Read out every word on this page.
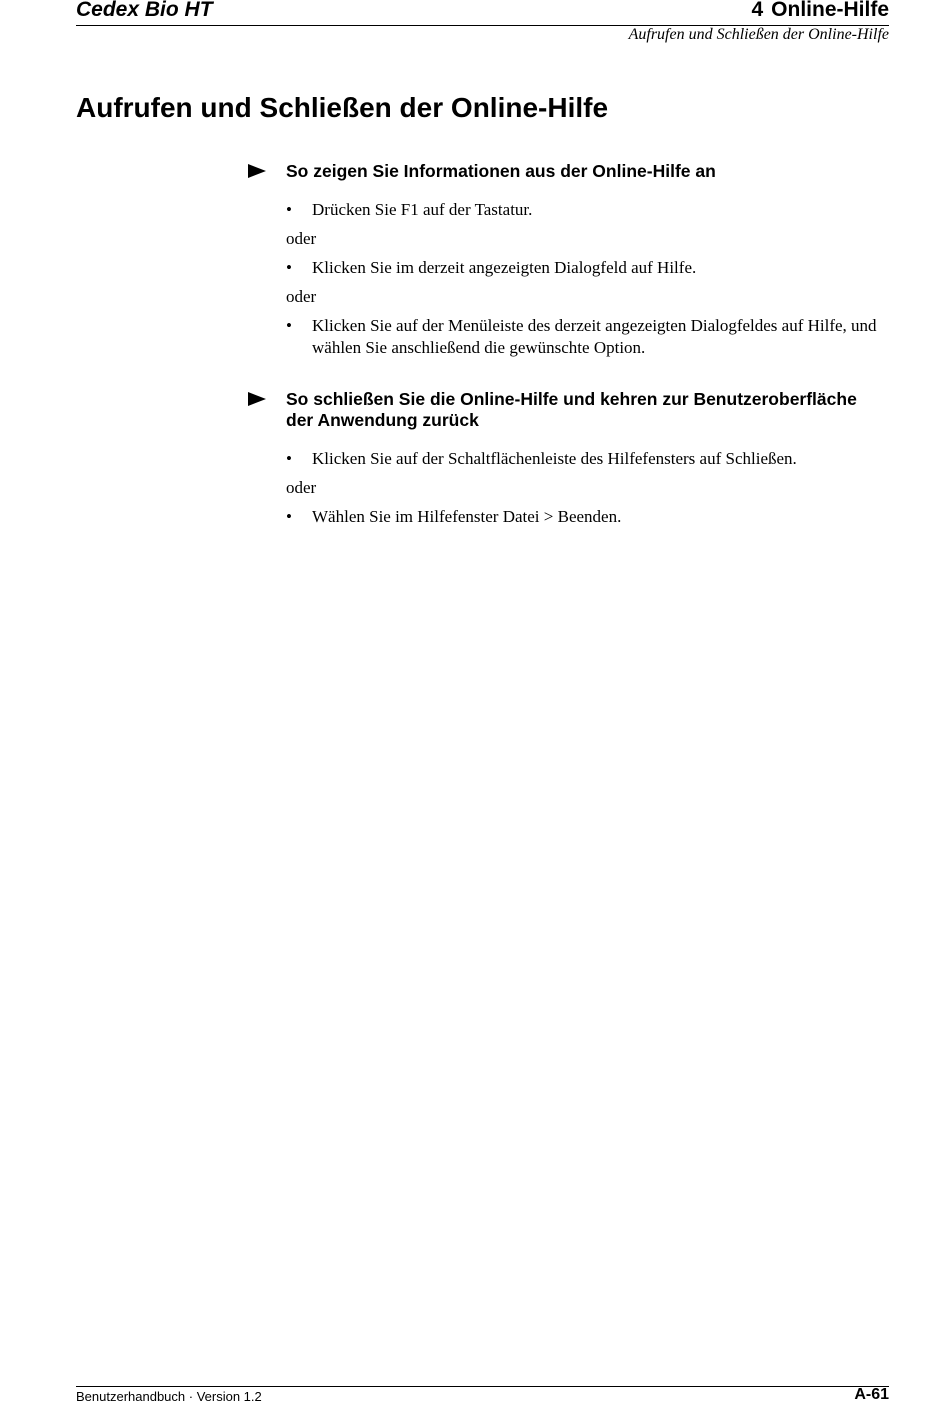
Cedex Bio HT	4 Online-Hilfe
Aufrufen und Schließen der Online-Hilfe
Aufrufen und Schließen der Online-Hilfe
So zeigen Sie Informationen aus der Online-Hilfe an
• Drücken Sie F1 auf der Tastatur.
oder
• Klicken Sie im derzeit angezeigten Dialogfeld auf Hilfe.
oder
• Klicken Sie auf der Menüleiste des derzeit angezeigten Dialogfeldes auf Hilfe, und wählen Sie anschließend die gewünschte Option.
So schließen Sie die Online-Hilfe und kehren zur Benutzeroberfläche der Anwendung zurück
• Klicken Sie auf der Schaltflächenleiste des Hilfefensters auf Schließen.
oder
• Wählen Sie im Hilfefenster Datei > Beenden.
Benutzerhandbuch · Version 1.2	A-61
